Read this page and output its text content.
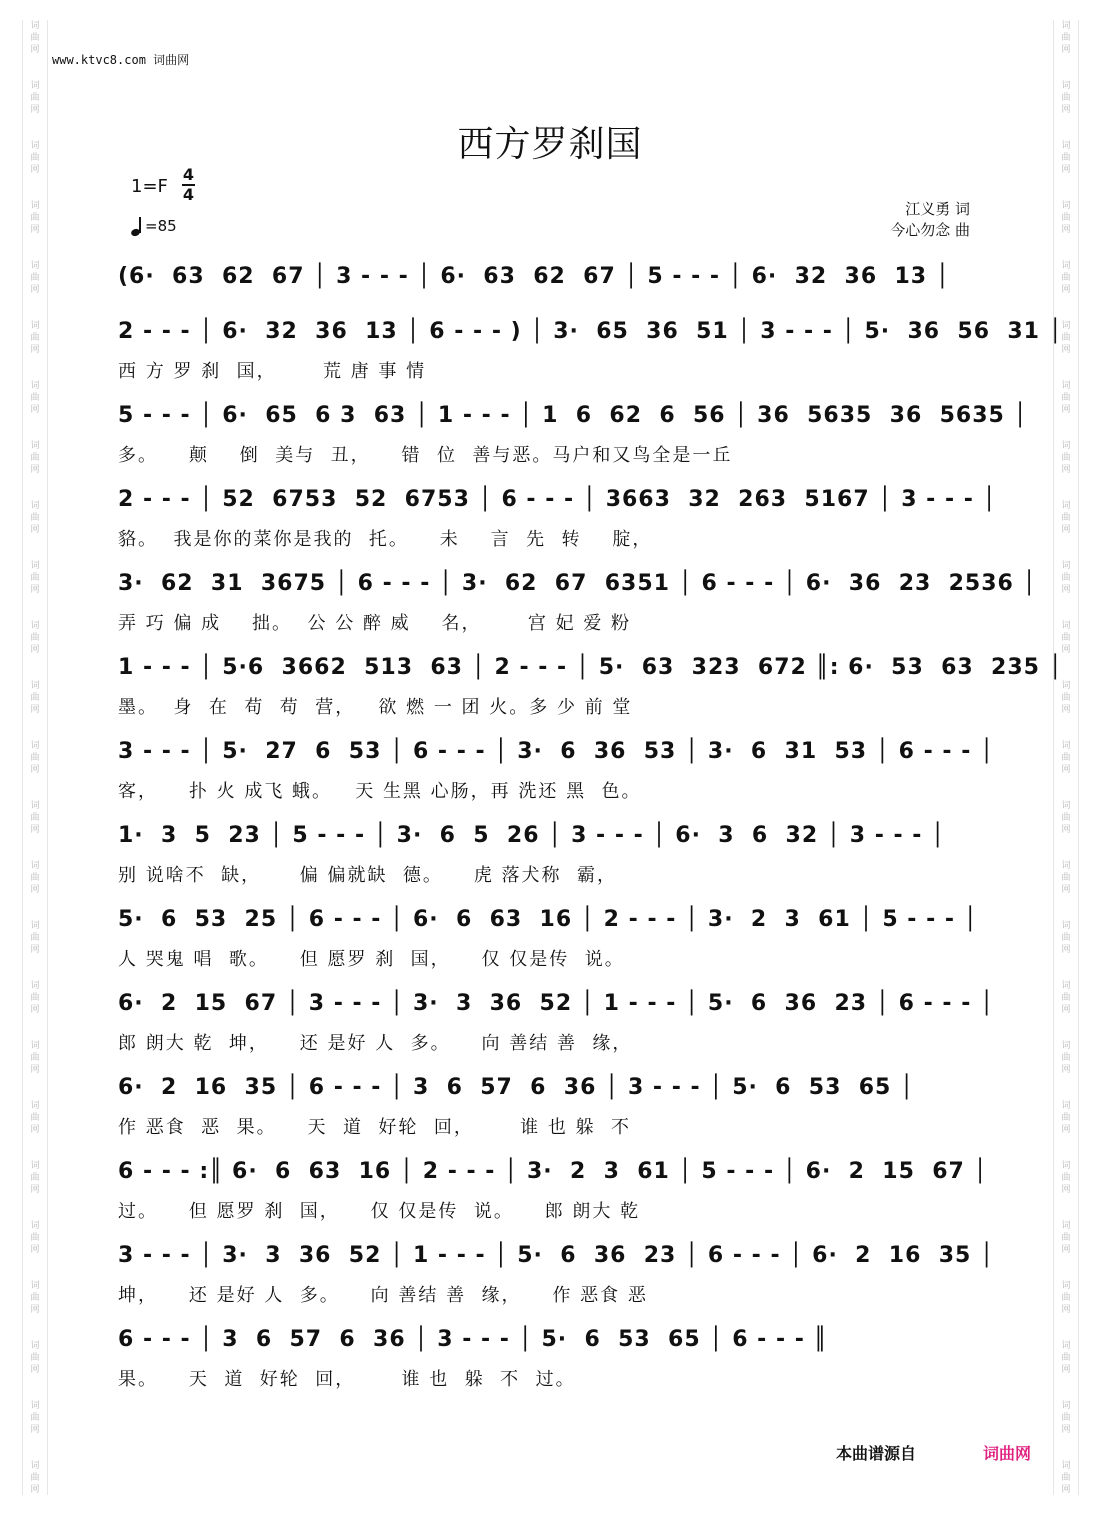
词
曲
网
词
曲
网
词
曲
网
词
曲
网
词
曲
网
词
曲
网
词
曲
网
词
曲
网
词
曲
网
词
曲
网
词
曲
网
词
曲
网
词
曲
网
词
曲
网
词
曲
网
词
曲
网
词
曲
网
词
曲
网
词
曲
网
词
曲
网
词
曲
网
词
曲
网
词
曲
网
词
曲
网
词
曲
网
词
曲
网
词
曲
网
词
曲
网
词
曲
网
词
曲
网
词
曲
网
词
曲
网
词
曲
网
词
曲
网
词
曲
网
词
曲
网
词
曲
网
词
曲
网
词
曲
网
词
曲
网
词
曲
网
词
曲
网
词
曲
网
词
曲
网
词
曲
网
词
曲
网
词
曲
网
词
曲
网
词
曲
网
词
曲
网
www.ktvc8.com 词曲网
西方罗刹国
1=F
4
4
=85
江义勇 词
今心勿念 曲
(6·  63  62  67 │ 3 - - - │ 6·  63  62  67 │ 5 - - - │ 6·  32  36  13 │
2 - - - │ 6·  32  36  13 │ 6 - - - ) │ 3·  65  36  51 │ 3 - - - │ 5·  36  56  31 │
西 方 罗 刹  国，      荒 唐 事 情
5 - - - │ 6·  65  6 3  63 │ 1 - - - │ 1  6  62  6  56 │ 36  5635  36  5635 │
多。    颠    倒  美与  丑，    错  位  善与恶。马户和又鸟全是一丘
2 - - - │ 52  6753  52  6753 │ 6 - - - │ 3663  32  263  5167 │ 3 - - - │
貉。  我是你的菜你是我的  托。    未    言  先  转    腚，
3·  62  31  3675 │ 6 - - - │ 3·  62  67  6351 │ 6 - - - │ 6·  36  23  2536 │
弄 巧 偏 成    拙。  公 公 醉 威    名，      宫 妃 爱 粉
1 - - - │ 5·6  3662  513  63 │ 2 - - - │ 5·  63  323  672 ║: 6·  53  63  235 │
墨。  身  在  苟  苟  营，   欲 燃 一 团 火。多 少 前 堂
3 - - - │ 5·  27  6  53 │ 6 - - - │ 3·  6  36  53 │ 3·  6  31  53 │ 6 - - - │
客，    扑 火 成飞 蛾。   天 生黑 心肠，再 洗还 黑  色。
1·  3  5  23 │ 5 - - - │ 3·  6  5  26 │ 3 - - - │ 6·  3  6  32 │ 3 - - - │
别 说啥不  缺，     偏 偏就缺  德。    虎 落犬称  霸，
5·  6  53  25 │ 6 - - - │ 6·  6  63  16 │ 2 - - - │ 3·  2  3  61 │ 5 - - - │
人 哭鬼 唱  歌。    但 愿罗 刹  国，    仅 仅是传  说。
6·  2  15  67 │ 3 - - - │ 3·  3  36  52 │ 1 - - - │ 5·  6  36  23 │ 6 - - - │
郎 朗大 乾  坤，    还 是好 人  多。    向 善结 善  缘，
6·  2  16  35 │ 6 - - - │ 3  6  57  6  36 │ 3 - - - │ 5·  6  53  65 │
作 恶食  恶  果。    天  道  好轮  回，      谁 也 躲  不
6 - - - :║ 6·  6  63  16 │ 2 - - - │ 3·  2  3  61 │ 5 - - - │ 6·  2  15  67 │
过。    但 愿罗 刹  国，    仅 仅是传  说。    郎 朗大 乾
3 - - - │ 3·  3  36  52 │ 1 - - - │ 5·  6  36  23 │ 6 - - - │ 6·  2  16  35 │
坤，    还 是好 人  多。    向 善结 善  缘，    作 恶食 恶
6 - - - │ 3  6  57  6  36 │ 3 - - - │ 5·  6  53  65 │ 6 - - - ║
果。    天  道  好轮  回，      谁 也  躲  不  过。
本曲谱源自	词曲网
